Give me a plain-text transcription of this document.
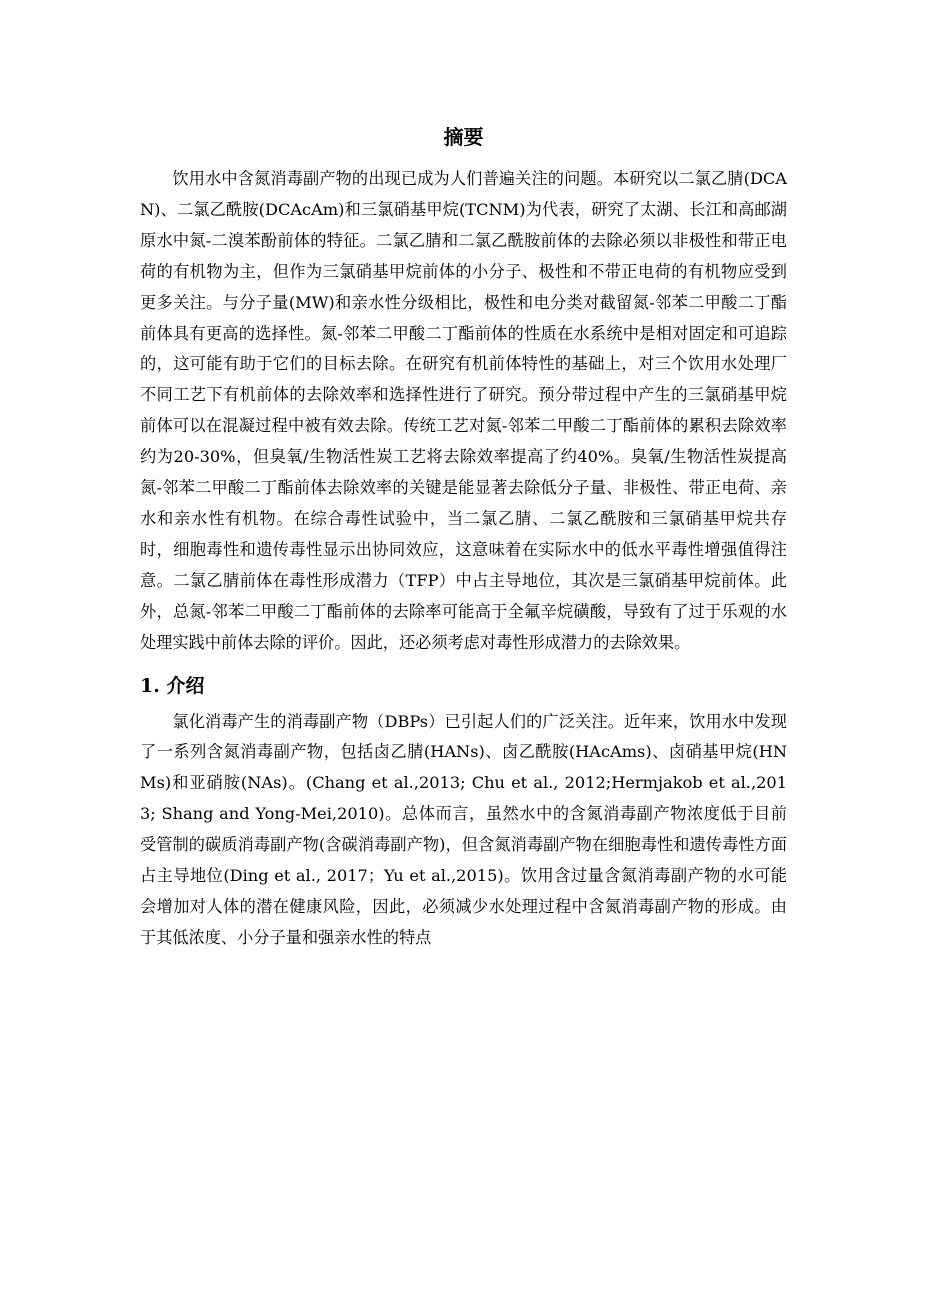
摘要

饮用水中含氮消毒副产物的出现已成为人们普遍关注的问题。本研究以二氯乙腈(DCAN)、二氯乙酰胺(DCAcAm)和三氯硝基甲烷(TCNM)为代表，研究了太湖、长江和高邮湖原水中氮-二溴苯酚前体的特征。二氯乙腈和二氯乙酰胺前体的去除必须以非极性和带正电荷的有机物为主，但作为三氯硝基甲烷前体的小分子、极性和不带正电荷的有机物应受到更多关注。与分子量(MW)和亲水性分级相比，极性和电分类对截留氮-邻苯二甲酸二丁酯前体具有更高的选择性。氮-邻苯二甲酸二丁酯前体的性质在水系统中是相对固定和可追踪的，这可能有助于它们的目标去除。在研究有机前体特性的基础上，对三个饮用水处理厂不同工艺下有机前体的去除效率和选择性进行了研究。预分带过程中产生的三氯硝基甲烷前体可以在混凝过程中被有效去除。传统工艺对氮-邻苯二甲酸二丁酯前体的累积去除效率约为20-30%，但臭氧/生物活性炭工艺将去除效率提高了约40%。臭氧/生物活性炭提高氮-邻苯二甲酸二丁酯前体去除效率的关键是能显著去除低分子量、非极性、带正电荷、亲水和亲水性有机物。在综合毒性试验中，当二氯乙腈、二氯乙酰胺和三氯硝基甲烷共存时，细胞毒性和遗传毒性显示出协同效应，这意味着在实际水中的低水平毒性增强值得注意。二氯乙腈前体在毒性形成潜力（TFP）中占主导地位，其次是三氯硝基甲烷前体。此外，总氮-邻苯二甲酸二丁酯前体的去除率可能高于全氟辛烷磺酸，导致有了过于乐观的水处理实践中前体去除的评价。因此，还必须考虑对毒性形成潜力的去除效果。

1. 介绍

氯化消毒产生的消毒副产物（DBPs）已引起人们的广泛关注。近年来，饮用水中发现了一系列含氮消毒副产物，包括卤乙腈(HANs)、卤乙酰胺(HAcAms)、卤硝基甲烷(HNMs)和亚硝胺(NAs)。(Chang et al.,2013; Chu et al., 2012;Hermjakob et al.,2013; Shang and Yong-Mei,2010)。总体而言，虽然水中的含氮消毒副产物浓度低于目前受管制的碳质消毒副产物(含碳消毒副产物)，但含氮消毒副产物在细胞毒性和遗传毒性方面占主导地位(Ding et al., 2017；Yu et al.,2015)。饮用含过量含氮消毒副产物的水可能会增加对人体的潜在健康风险，因此，必须减少水处理过程中含氮消毒副产物的形成。由于其低浓度、小分子量和强亲水性的特点
